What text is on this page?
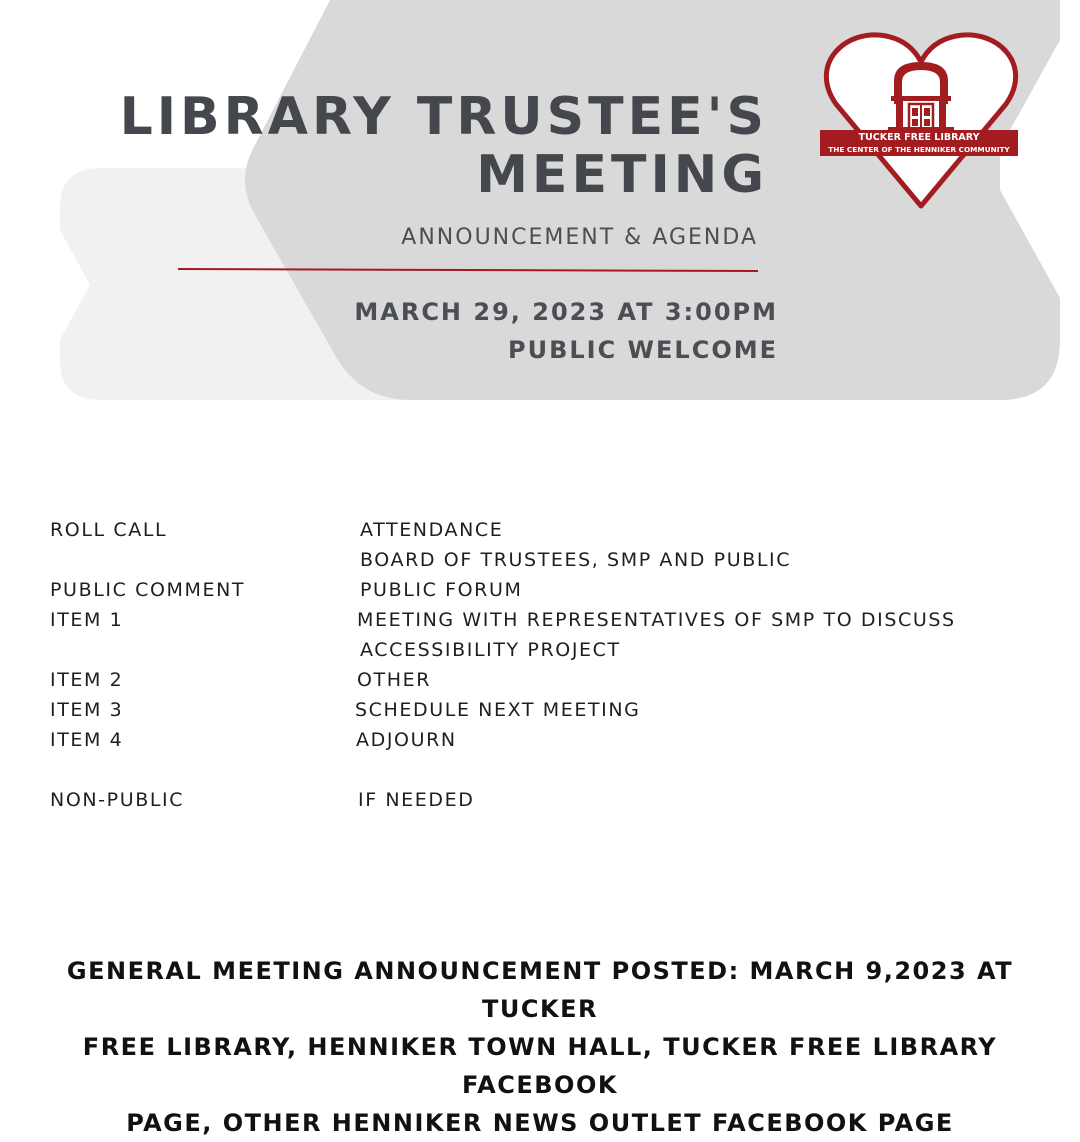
LIBRARY TRUSTEE'S
MEETING
ANNOUNCEMENT & AGENDA
MARCH 29, 2023 AT 3:00PM
PUBLIC WELCOME
TUCKER FREE LIBRARY
THE CENTER OF THE HENNIKER COMMUNITY
ROLL CALL	ATTENDANCE
BOARD OF TRUSTEES, SMP AND PUBLIC
PUBLIC COMMENT	PUBLIC FORUM
ITEM 1	MEETING WITH REPRESENTATIVES OF SMP TO DISCUSS
ACCESSIBILITY PROJECT
ITEM 2	OTHER
ITEM 3	SCHEDULE NEXT MEETING
ITEM 4	ADJOURN
NON-PUBLIC	IF NEEDED
GENERAL MEETING ANNOUNCEMENT POSTED: MARCH 9,2023 AT TUCKER
FREE LIBRARY, HENNIKER TOWN HALL, TUCKER FREE LIBRARY FACEBOOK
PAGE, OTHER HENNIKER NEWS OUTLET FACEBOOK PAGE
